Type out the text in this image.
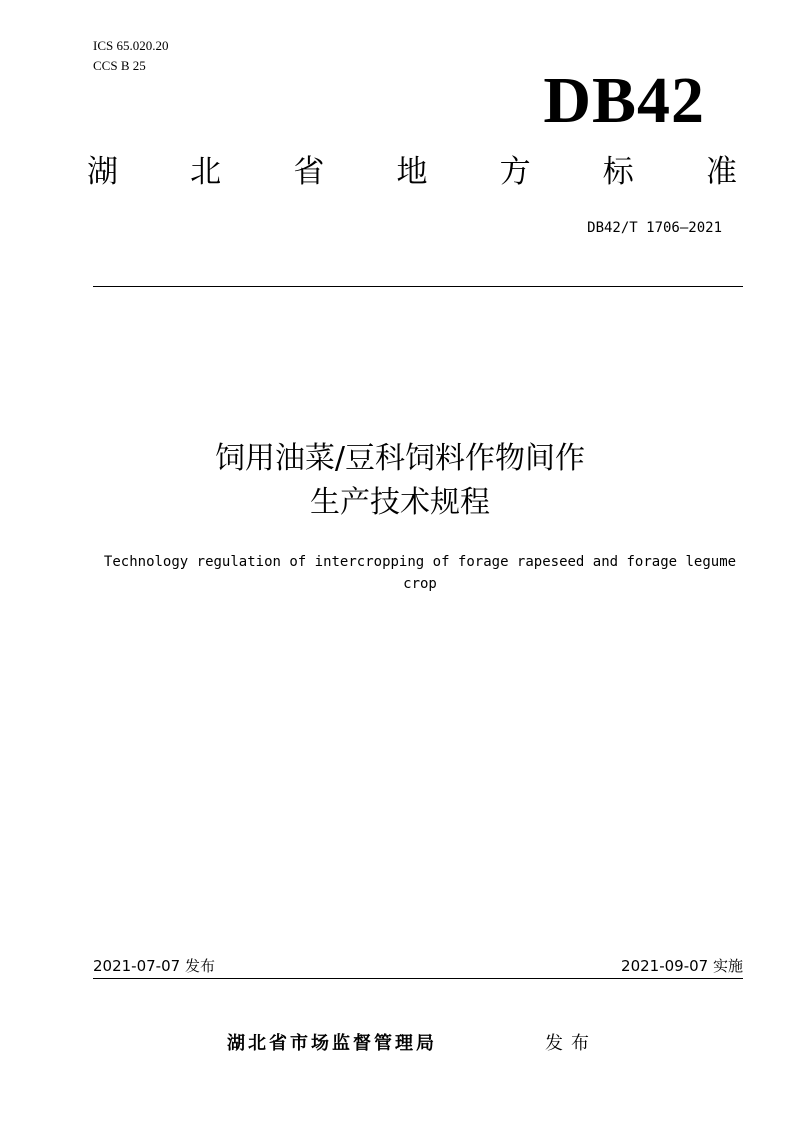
ICS 65.020.20
CCS B 25	DB42
湖 北 省 地 方 标 准
DB42/T 1706—2021
饲用油菜/豆科饲料作物间作
生产技术规程
Technology regulation of intercropping of forage rapeseed and forage legume crop
2021-07-07 发布	2021-09-07 实施
湖北省市场监督管理局	发布
